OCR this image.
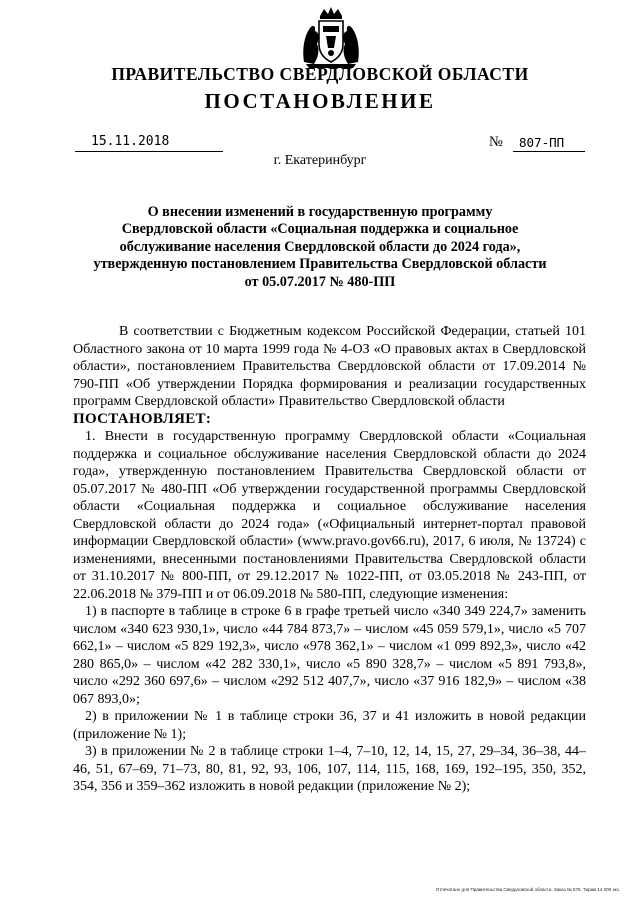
ПРАВИТЕЛЬСТВО СВЕРДЛОВСКОЙ ОБЛАСТИ
ПОСТАНОВЛЕНИЕ
15.11.2018	№ 807-ПП
г. Екатеринбург

О внесении изменений в государственную программу
Свердловской области «Социальная поддержка и социальное
обслуживание населения Свердловской области до 2024 года»,
утвержденную постановлением Правительства Свердловской области
от 05.07.2017 № 480-ПП

В соответствии с Бюджетным кодексом Российской Федерации, статьей 101 Областного закона от 10 марта 1999 года № 4-ОЗ «О правовых актах в Свердловской области», постановлением Правительства Свердловской области от 17.09.2014 № 790-ПП «Об утверждении Порядка формирования и реализации государственных программ Свердловской области» Правительство Свердловской области

ПОСТАНОВЛЯЕТ:

1. Внести в государственную программу Свердловской области «Социальная поддержка и социальное обслуживание населения Свердловской области до 2024 года», утвержденную постановлением Правительства Свердловской области от 05.07.2017 № 480-ПП «Об утверждении государственной программы Свердловской области «Социальная поддержка и социальное обслуживание населения Свердловской области до 2024 года» («Официальный интернет-портал правовой информации Свердловской области» (www.pravo.gov66.ru), 2017, 6 июля, № 13724) с изменениями, внесенными постановлениями Правительства Свердловской области от 31.10.2017 № 800-ПП, от 29.12.2017 № 1022-ПП, от 03.05.2018 № 243-ПП, от 22.06.2018 № 379-ПП и от 06.09.2018 № 580-ПП, следующие изменения:

1) в паспорте в таблице в строке 6 в графе третьей число «340 349 224,7» заменить числом «340 623 930,1», число «44 784 873,7» – числом «45 059 579,1», число «5 707 662,1» – числом «5 829 192,3», число «978 362,1» – числом «1 099 892,3», число «42 280 865,0» – числом «42 282 330,1», число «5 890 328,7» – числом «5 891 793,8», число «292 360 697,6» – числом «292 512 407,7», число «37 916 182,9» – числом «38 067 893,0»;

2) в приложении № 1 в таблице строки 36, 37 и 41 изложить в новой редакции (приложение № 1);

3) в приложении № 2 в таблице строки 1–4, 7–10, 12, 14, 15, 27, 29–34, 36–38, 44–46, 51, 67–69, 71–73, 80, 81, 92, 93, 106, 107, 114, 115, 168, 169, 192–195, 350, 352, 354, 356 и 359–362 изложить в новой редакции (приложение № 2);

Отпечатано для Правительства Свердловской области. Заказ № 575. Тираж 14 000 экз.
